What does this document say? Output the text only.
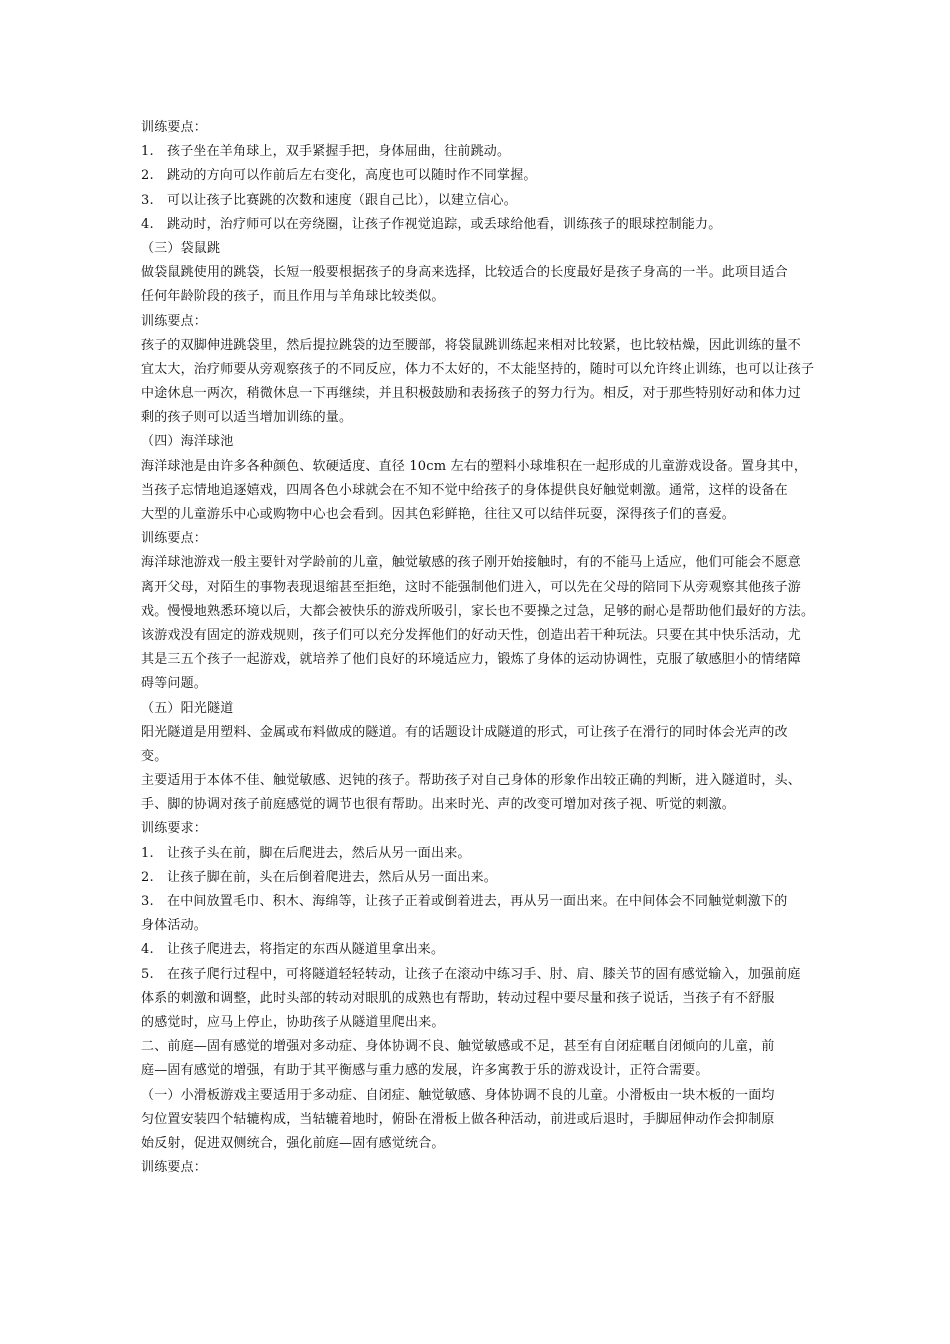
训练要点：
1.	孩子坐在羊角球上，双手紧握手把，身体屈曲，往前跳动。
2.	跳动的方向可以作前后左右变化，高度也可以随时作不同掌握。
3.	可以让孩子比赛跳的次数和速度（跟自己比），以建立信心。
4.	跳动时，治疗师可以在旁绕圈，让孩子作视觉追踪，或丢球给他看，训练孩子的眼球控制能力。
（三）袋鼠跳
做袋鼠跳使用的跳袋，长短一般要根据孩子的身高来选择，比较适合的长度最好是孩子身高的一半。此项目适合
任何年龄阶段的孩子，而且作用与羊角球比较类似。
训练要点：
孩子的双脚伸进跳袋里，然后提拉跳袋的边至腰部，将袋鼠跳训练起来相对比较紧，也比较枯燥，因此训练的量不
宜太大，治疗师要从旁观察孩子的不同反应，体力不太好的，不太能坚持的，随时可以允许终止训练，也可以让孩子
中途休息一两次，稍微休息一下再继续，并且积极鼓励和表扬孩子的努力行为。相反，对于那些特别好动和体力过
剩的孩子则可以适当增加训练的量。
（四）海洋球池
海洋球池是由许多各种颜色、软硬适度、直径 10cm 左右的塑料小球堆积在一起形成的儿童游戏设备。置身其中，
当孩子忘情地追逐嬉戏，四周各色小球就会在不知不觉中给孩子的身体提供良好触觉刺激。通常，这样的设备在
大型的儿童游乐中心或购物中心也会看到。因其色彩鲜艳，往往又可以结伴玩耍，深得孩子们的喜爱。
训练要点：
海洋球池游戏一般主要针对学龄前的儿童，触觉敏感的孩子刚开始接触时，有的不能马上适应，他们可能会不愿意
离开父母，对陌生的事物表现退缩甚至拒绝，这时不能强制他们进入，可以先在父母的陪同下从旁观察其他孩子游
戏。慢慢地熟悉环境以后，大都会被快乐的游戏所吸引，家长也不要操之过急，足够的耐心是帮助他们最好的方法。
该游戏没有固定的游戏规则，孩子们可以充分发挥他们的好动天性，创造出若干种玩法。只要在其中快乐活动，尤
其是三五个孩子一起游戏，就培养了他们良好的环境适应力，锻炼了身体的运动协调性，克服了敏感胆小的情绪障
碍等问题。
（五）阳光隧道
阳光隧道是用塑料、金属或布料做成的隧道。有的话题设计成隧道的形式，可让孩子在滑行的同时体会光声的改
变。
主要适用于本体不佳、触觉敏感、迟钝的孩子。帮助孩子对自己身体的形象作出较正确的判断，进入隧道时，头、
手、脚的协调对孩子前庭感觉的调节也很有帮助。出来时光、声的改变可增加对孩子视、听觉的刺激。
训练要求：
1.	让孩子头在前，脚在后爬进去，然后从另一面出来。
2.	让孩子脚在前，头在后倒着爬进去，然后从另一面出来。
3.	在中间放置毛巾、积木、海绵等，让孩子正着或倒着进去，再从另一面出来。在中间体会不同触觉刺激下的
身体活动。
4.	让孩子爬进去，将指定的东西从隧道里拿出来。
5.	在孩子爬行过程中，可将隧道轻轻转动，让孩子在滚动中练习手、肘、肩、膝关节的固有感觉输入，加强前庭
体系的刺激和调整，此时头部的转动对眼肌的成熟也有帮助，转动过程中要尽量和孩子说话，当孩子有不舒服
的感觉时，应马上停止，协助孩子从隧道里爬出来。
二、前庭—固有感觉的增强对多动症、身体协调不良、触觉敏感或不足，甚至有自闭症暱自闭倾向的儿童，前
庭—固有感觉的增强，有助于其平衡感与重力感的发展，许多寓教于乐的游戏设计，正符合需要。
（一）小滑板游戏主要适用于多动症、自闭症、触觉敏感、身体协调不良的儿童。小滑板由一块木板的一面均
匀位置安装四个轱辘构成，当轱辘着地时，俯卧在滑板上做各种活动，前进或后退时，手脚屈伸动作会抑制原
始反射，促进双侧统合，强化前庭—固有感觉统合。
训练要点：
